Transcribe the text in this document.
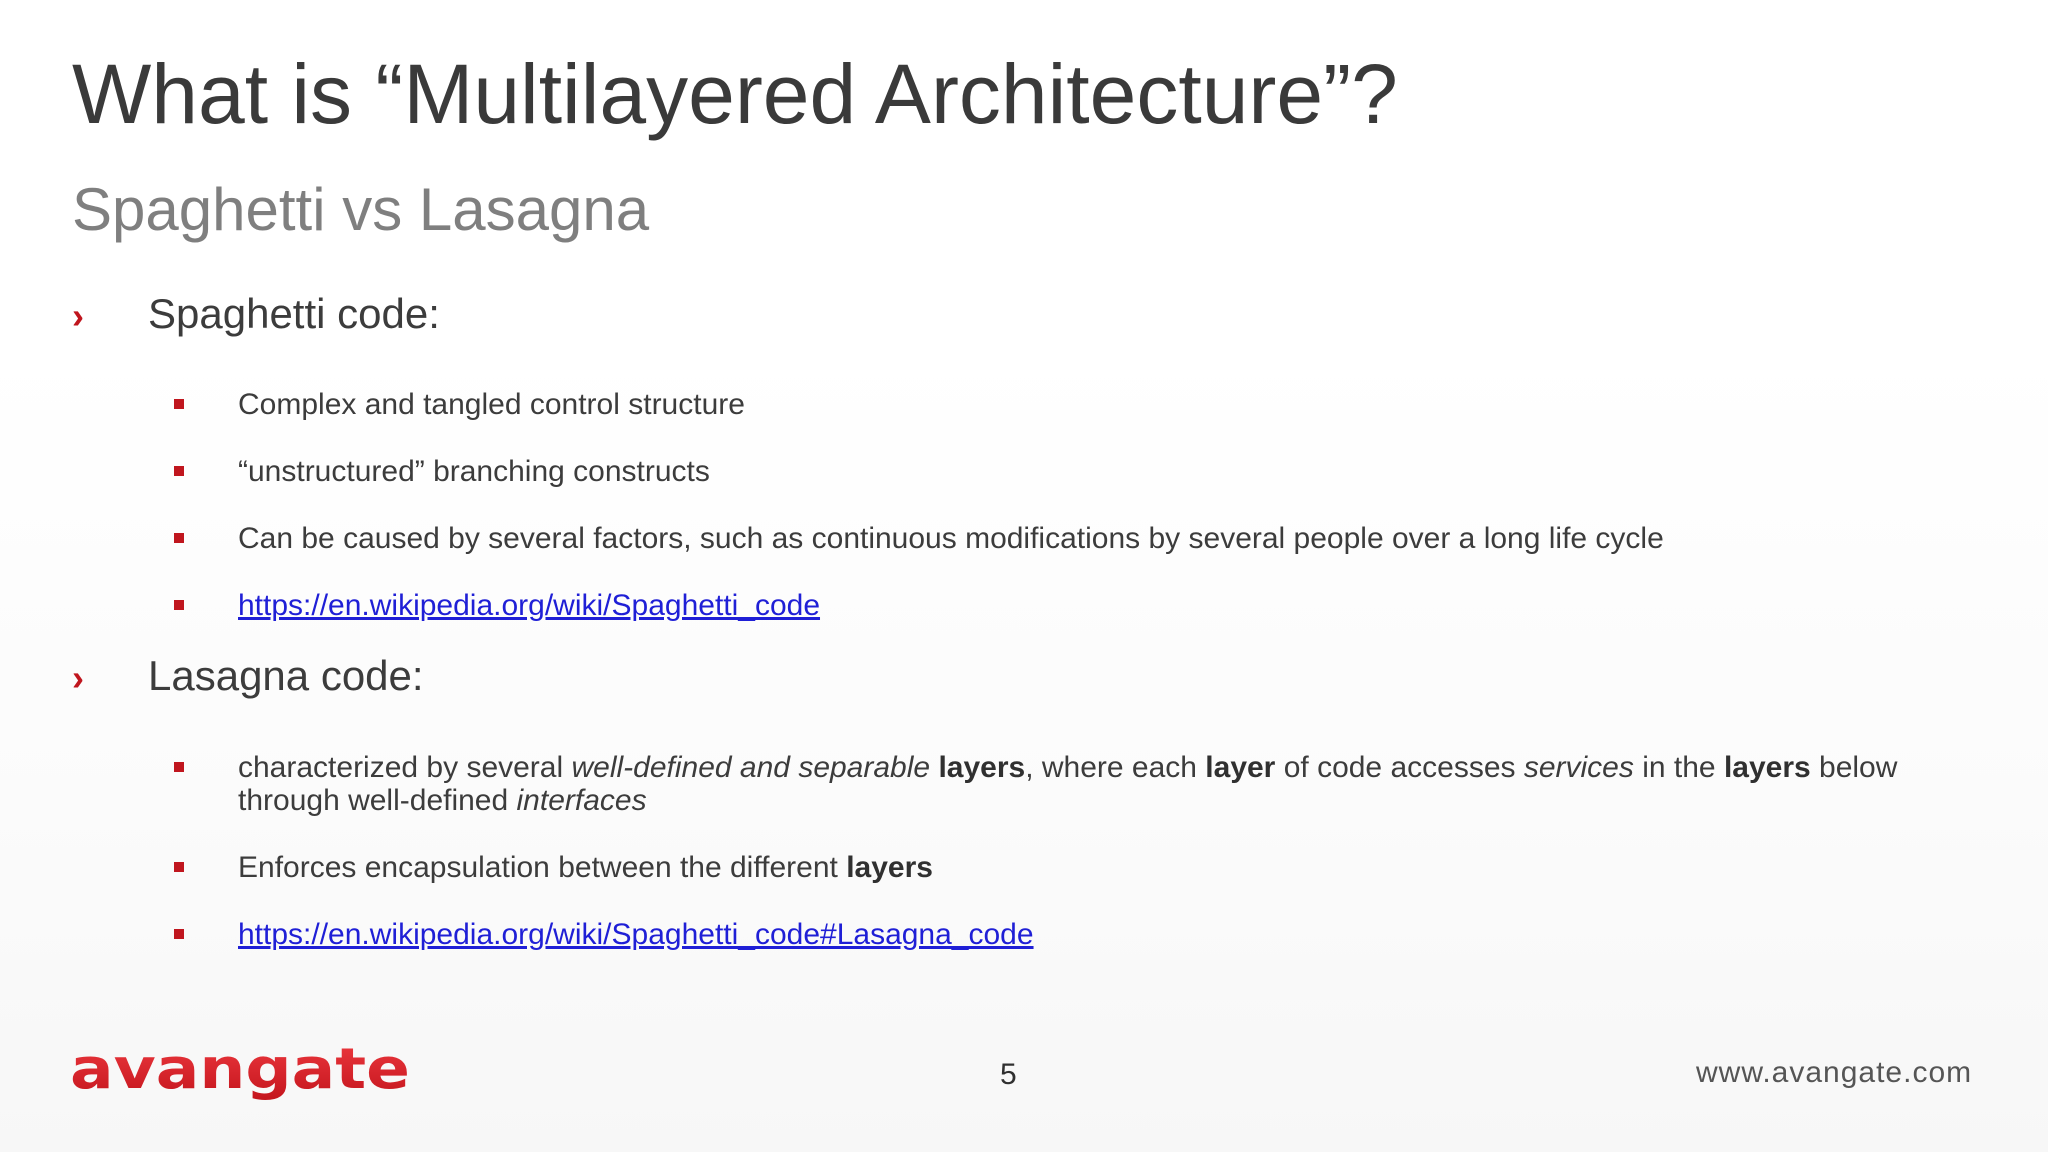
What is “Multilayered Architecture”?
Spaghetti vs Lasagna
›	Spaghetti code:
Complex and tangled control structure
“unstructured” branching constructs
Can be caused by several factors, such as continuous modifications by several people over a long life cycle
https://en.wikipedia.org/wiki/Spaghetti_code
›	Lasagna code:
characterized by several well-defined and separable layers, where each layer of code accesses services in the layers below through well-defined interfaces
Enforces encapsulation between the different layers
https://en.wikipedia.org/wiki/Spaghetti_code#Lasagna_code
avangate	5	www.avangate.com
